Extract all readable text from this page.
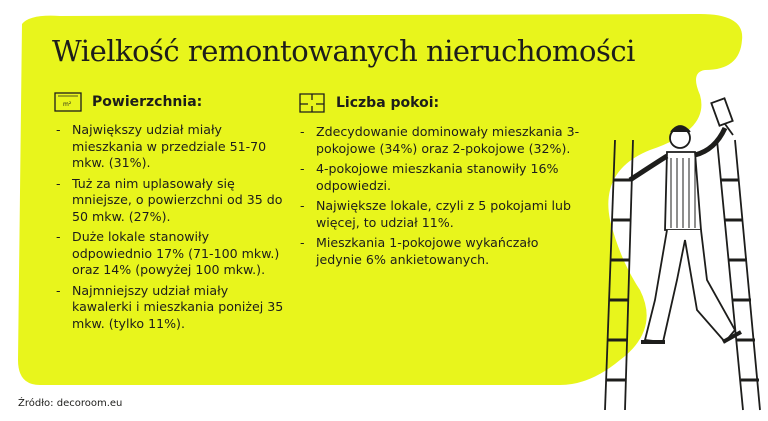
Wielkość remontowanych nieruchomości
m² Powierzchnia:
- Największy udział miały mieszkania w przedziale 51-70 mkw. (31%).
- Tuż za nim uplasowały się mniejsze, o powierzchni od 35 do 50 mkw. (27%).
- Duże lokale stanowiły odpowiednio 17% (71-100 mkw.) oraz 14% (powyżej 100 mkw.).
- Najmniejszy udział miały kawalerki i mieszkania poniżej 35 mkw. (tylko 11%).
Liczba pokoi:
- Zdecydowanie dominowały mieszkania 3-pokojowe (34%) oraz 2-pokojowe (32%).
- 4-pokojowe mieszkania stanowiły 16% odpowiedzi.
- Największe lokale, czyli z 5 pokojami lub więcej, to udział 11%.
- Mieszkania 1-pokojowe wykańczało jedynie 6% ankietowanych.
Źródło: decoroom.eu
